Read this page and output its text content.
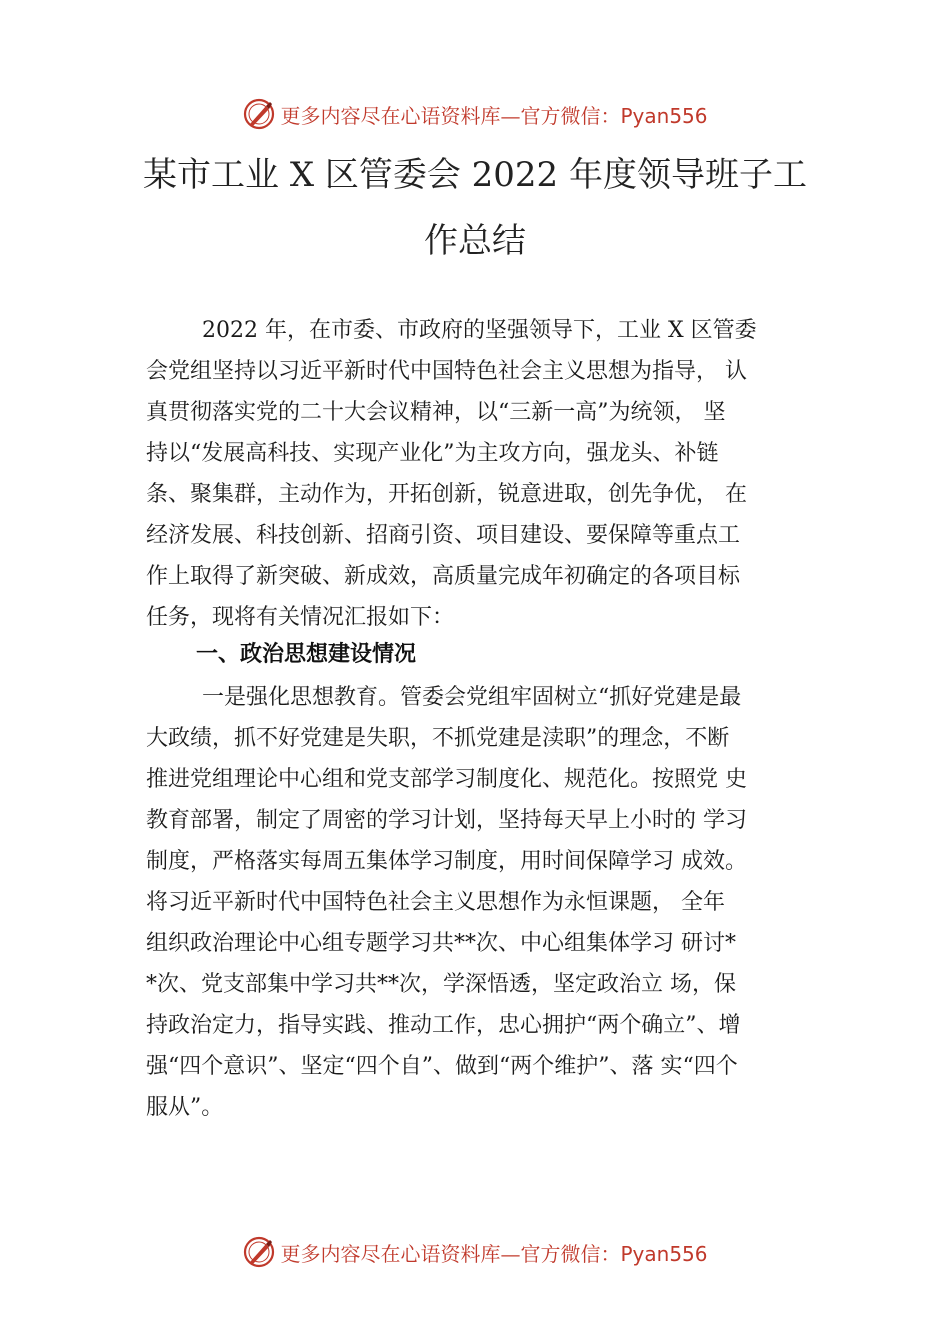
更多内容尽在心语资料库—官方微信：Pyan556
某市工业 X 区管委会 2022 年度领导班子工
作总结
2022 年，在市委、市政府的坚强领导下，工业 X 区管委
会党组坚持以习近平新时代中国特色社会主义思想为指导， 认
真贯彻落实党的二十大会议精神，以“三新一高”为统领， 坚
持以“发展高科技、实现产业化”为主攻方向，强龙头、补链
条、聚集群，主动作为，开拓创新，锐意进取，创先争优， 在
经济发展、科技创新、招商引资、项目建设、要保障等重点工
作上取得了新突破、新成效，高质量完成年初确定的各项目标
任务，现将有关情况汇报如下：
一、政治思想建设情况
一是强化思想教育。管委会党组牢固树立“抓好党建是最
大政绩，抓不好党建是失职，不抓党建是渎职”的理念，不断
推进党组理论中心组和党支部学习制度化、规范化。按照党 史
教育部署，制定了周密的学习计划，坚持每天早上小时的 学习
制度，严格落实每周五集体学习制度，用时间保障学习 成效。
将习近平新时代中国特色社会主义思想作为永恒课题， 全年
组织政治理论中心组专题学习共**次、中心组集体学习 研讨*
*次、党支部集中学习共**次，学深悟透，坚定政治立 场，保
持政治定力，指导实践、推动工作，忠心拥护“两个确立”、增
强“四个意识”、坚定“四个自”、做到“两个维护”、落 实“四个
服从”。
更多内容尽在心语资料库—官方微信：Pyan556
